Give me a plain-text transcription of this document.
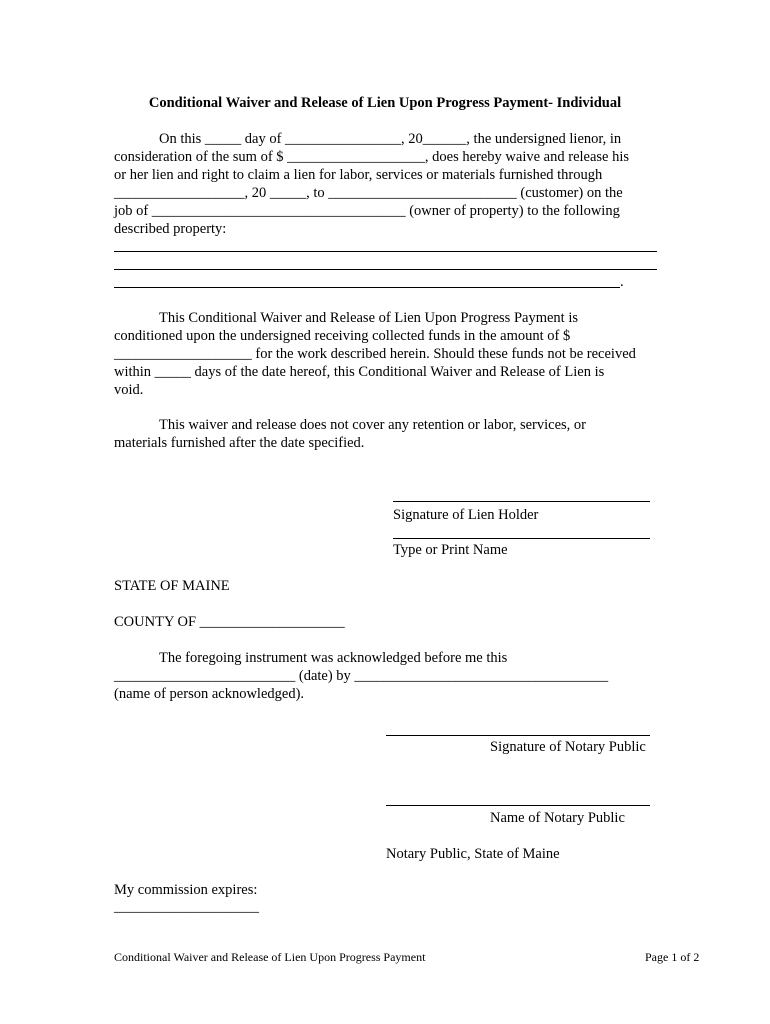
Conditional Waiver and Release of Lien Upon Progress Payment- Individual
On this _____ day of ________________, 20______, the undersigned lienor, in
consideration of the sum of $ ___________________, does hereby waive and release his
or her lien and right to claim a lien for labor, services or materials furnished through
__________________, 20 _____, to __________________________ (customer) on the
job of ___________________________________ (owner of property) to the following
described property:
.
This Conditional Waiver and Release of Lien Upon Progress Payment is
conditioned upon the undersigned receiving collected funds in the amount of $
___________________ for the work described herein. Should these funds not be received
within _____ days of the date hereof, this Conditional Waiver and Release of Lien is
void.
This waiver and release does not cover any retention or labor, services, or
materials furnished after the date specified.
Signature of Lien Holder
Type or Print Name
STATE OF MAINE
COUNTY OF ____________________
The foregoing instrument was acknowledged before me this
_________________________ (date) by ___________________________________
(name of person acknowledged).
Signature of Notary Public
Name of Notary Public
Notary Public, State of Maine
My commission expires:
____________________
Conditional Waiver and Release of Lien Upon Progress Payment	Page 1 of 2
